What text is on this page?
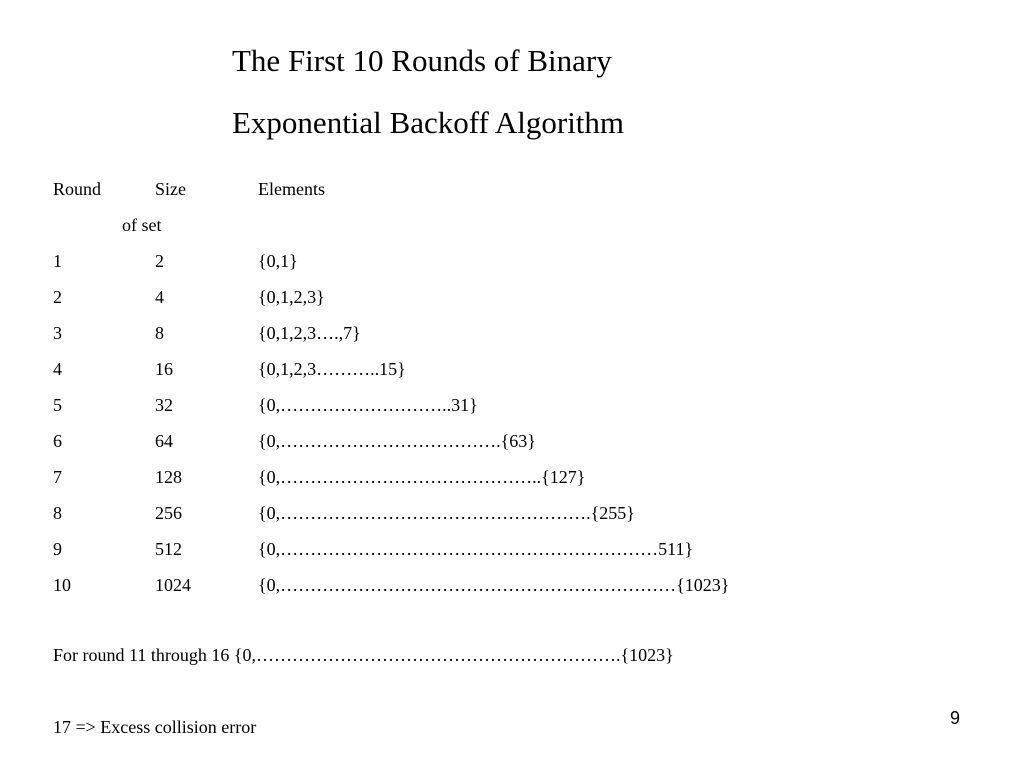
The First 10 Rounds of Binary
Exponential Backoff Algorithm
Round	Size	Elements
of set
1	2	{0,1}
2	4	{0,1,2,3}
3	8	{0,1,2,3….,7}
4	16	{0,1,2,3………..15}
5	32	{0,………………………..31}
6	64	{0,……………………………….{63}
7	128	{0,……………………………………..{127}
8	256	{0,…………………………………………….{255}
9	512	{0,………………………………………………………511}
10	1024	{0,…………………………………………………………{1023}
For round 11 through 16 {0,…………………………………………………….{1023}
17 => Excess collision error	9
